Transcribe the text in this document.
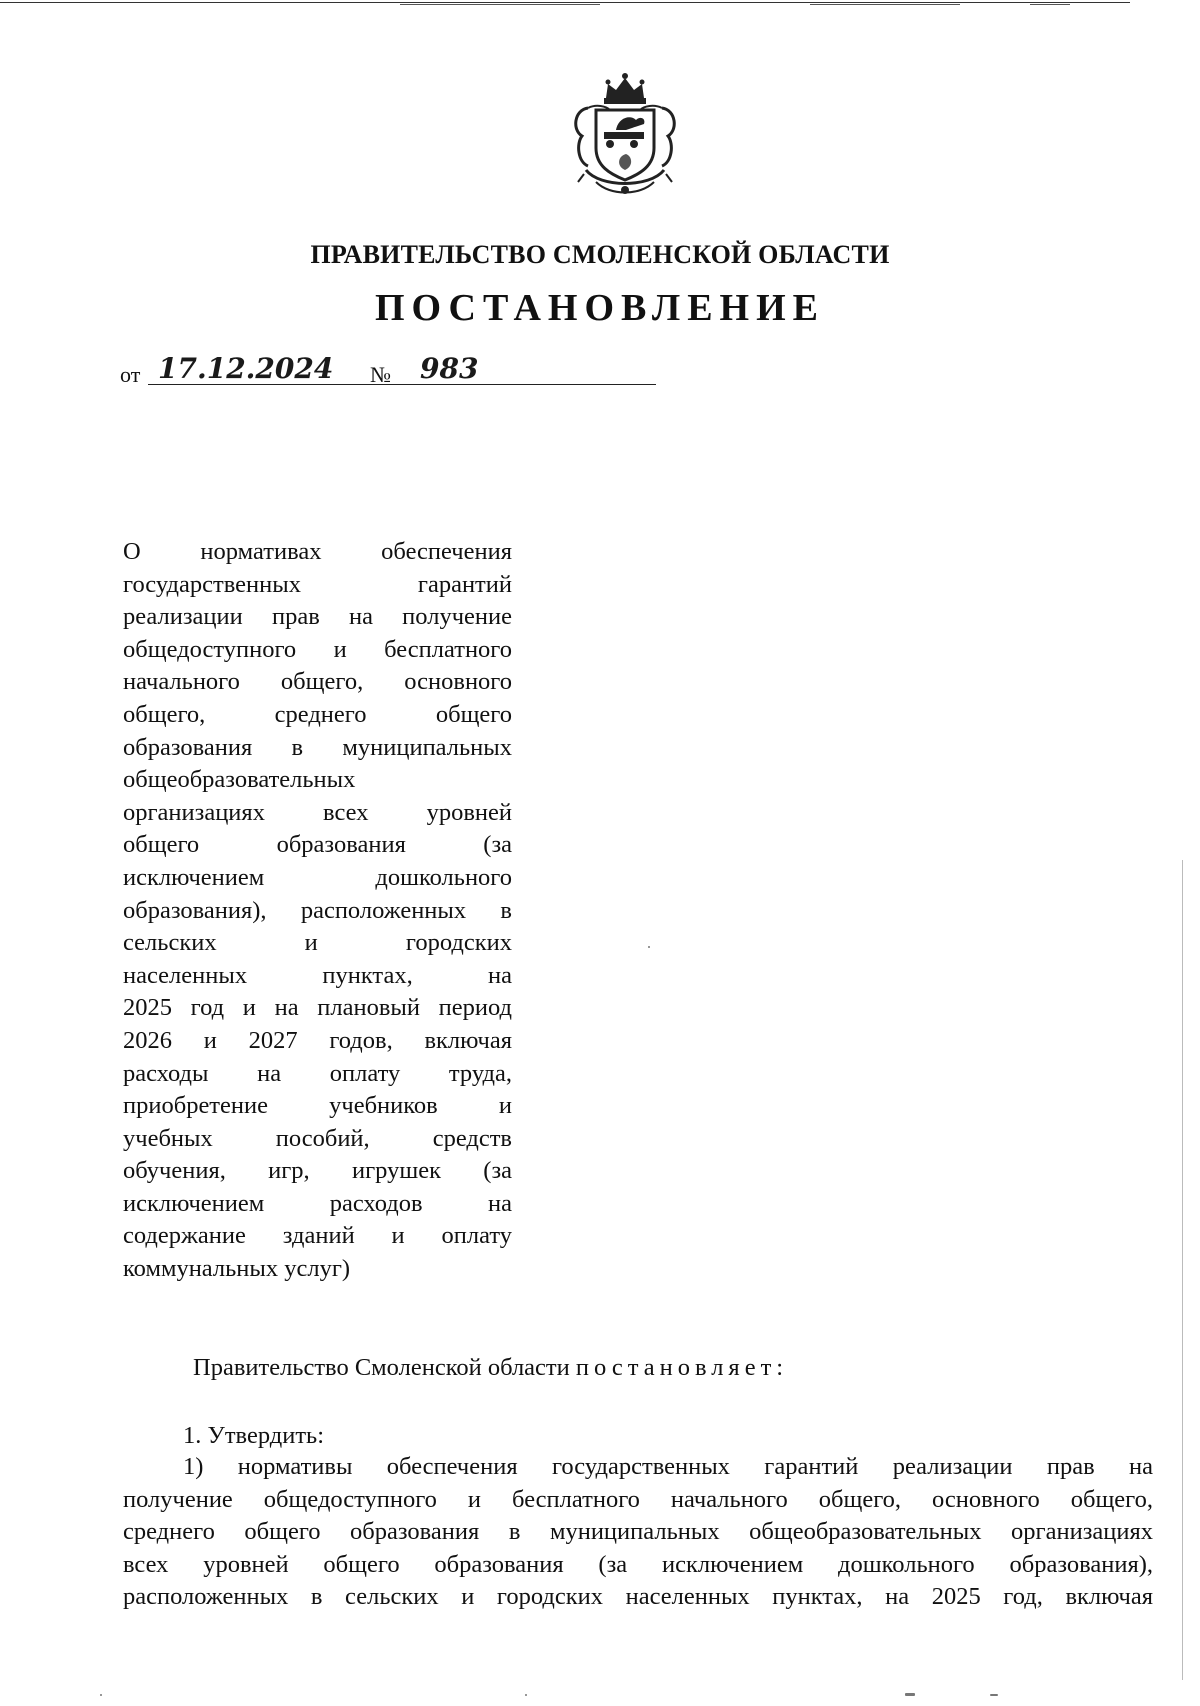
ПРАВИТЕЛЬСТВО СМОЛЕНСКОЙ ОБЛАСТИ
ПОСТАНОВЛЕНИЕ
от 17.12.2024 № 983
О нормативах обеспечения
государственных гарантий
реализации прав на получение
общедоступного и бесплатного
начального общего, основного
общего, среднего общего
образования в муниципальных
общеобразовательных
организациях всех уровней
общего образования (за
исключением дошкольного
образования), расположенных в
сельских и городских
населенных пунктах, на
2025 год и на плановый период
2026 и 2027 годов, включая
расходы на оплату труда,
приобретение учебников и
учебных пособий, средств
обучения, игр, игрушек (за
исключением расходов на
содержание зданий и оплату
коммунальных услуг)
Правительство Смоленской области постановляет:
1. Утвердить:
1) нормативы обеспечения государственных гарантий реализации прав на
получение общедоступного и бесплатного начального общего, основного общего,
среднего общего образования в муниципальных общеобразовательных организациях
всех уровней общего образования (за исключением дошкольного образования),
расположенных в сельских и городских населенных пунктах, на 2025 год, включая
